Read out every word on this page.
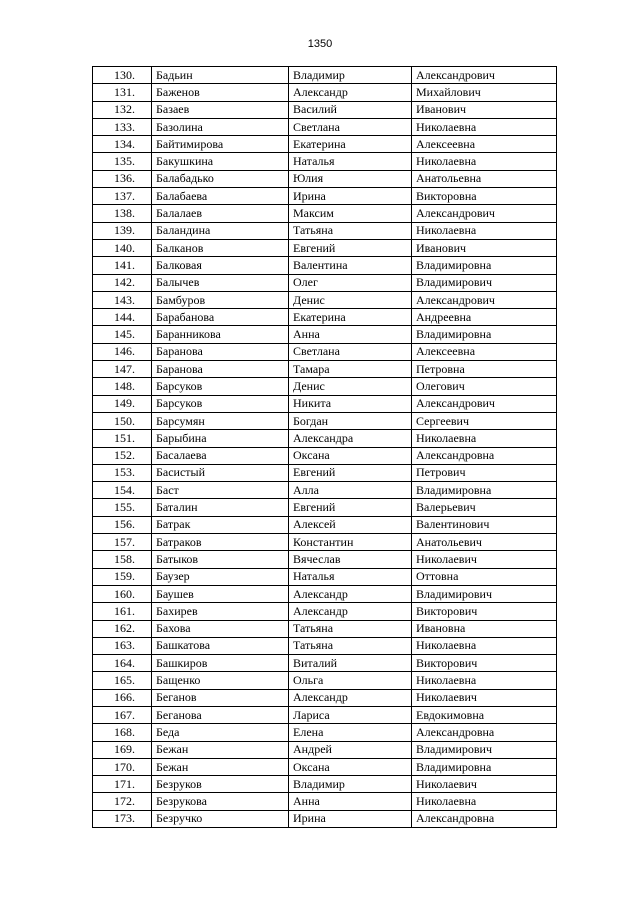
1350
130.	Бадьин	Владимир	Александрович
131.	Баженов	Александр	Михайлович
132.	Базаев	Василий	Иванович
133.	Базолина	Светлана	Николаевна
134.	Байтимирова	Екатерина	Алексеевна
135.	Бакушкина	Наталья	Николаевна
136.	Балабадько	Юлия	Анатольевна
137.	Балабаева	Ирина	Викторовна
138.	Балалаев	Максим	Александрович
139.	Баландина	Татьяна	Николаевна
140.	Балканов	Евгений	Иванович
141.	Балковая	Валентина	Владимировна
142.	Балычев	Олег	Владимирович
143.	Бамбуров	Денис	Александрович
144.	Барабанова	Екатерина	Андреевна
145.	Баранникова	Анна	Владимировна
146.	Баранова	Светлана	Алексеевна
147.	Баранова	Тамара	Петровна
148.	Барсуков	Денис	Олегович
149.	Барсуков	Никита	Александрович
150.	Барсумян	Богдан	Сергеевич
151.	Барыбина	Александра	Николаевна
152.	Басалаева	Оксана	Александровна
153.	Басистый	Евгений	Петрович
154.	Баст	Алла	Владимировна
155.	Баталин	Евгений	Валерьевич
156.	Батрак	Алексей	Валентинович
157.	Батраков	Константин	Анатольевич
158.	Батыков	Вячеслав	Николаевич
159.	Баузер	Наталья	Оттовна
160.	Баушев	Александр	Владимирович
161.	Бахирев	Александр	Викторович
162.	Бахова	Татьяна	Ивановна
163.	Башкатова	Татьяна	Николаевна
164.	Башкиров	Виталий	Викторович
165.	Бащенко	Ольга	Николаевна
166.	Беганов	Александр	Николаевич
167.	Беганова	Лариса	Евдокимовна
168.	Беда	Елена	Александровна
169.	Бежан	Андрей	Владимирович
170.	Бежан	Оксана	Владимировна
171.	Безруков	Владимир	Николаевич
172.	Безрукова	Анна	Николаевна
173.	Безручко	Ирина	Александровна
